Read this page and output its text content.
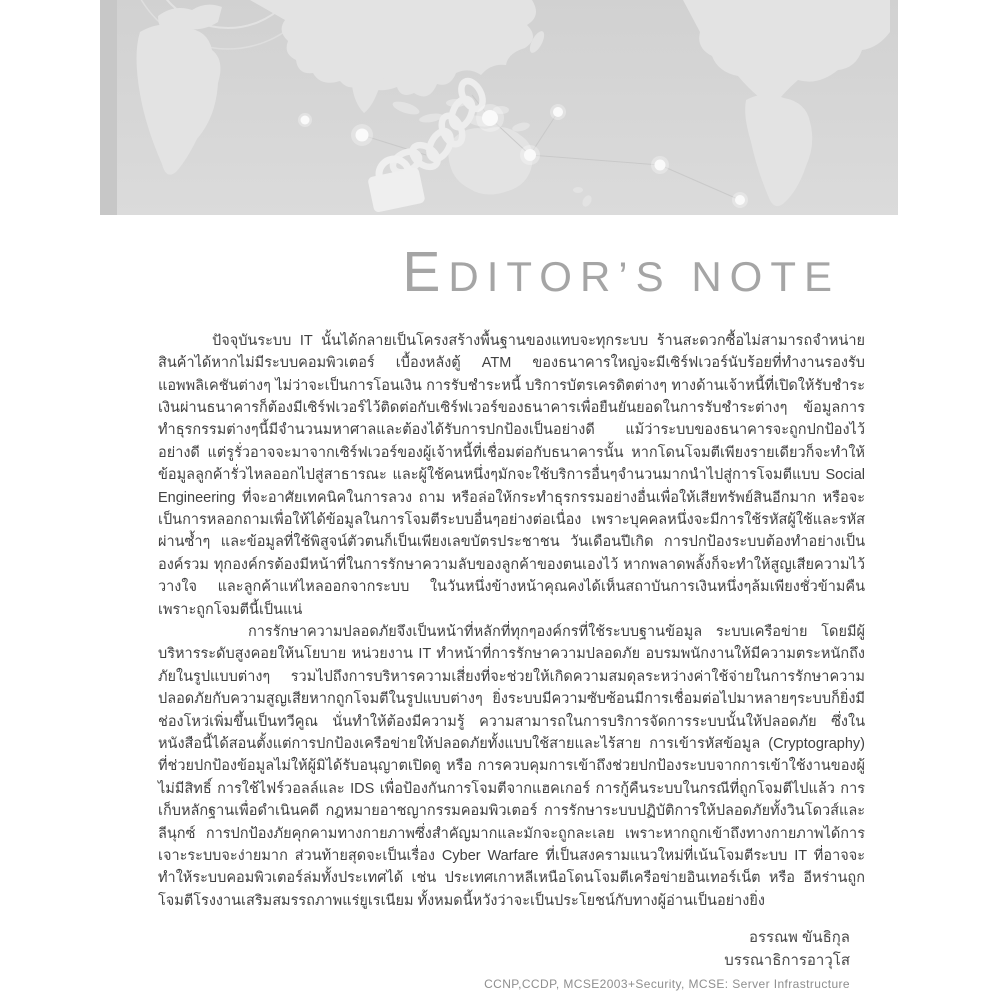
EDITOR’S NOTE

ปัจจุบันระบบ IT นั้นได้กลายเป็นโครงสร้างพื้นฐานของแทบจะทุกระบบ ร้านสะดวกซื้อไม่สามารถจำหน่ายสินค้าได้หากไม่มีระบบคอมพิวเตอร์ เบื้องหลังตู้ ATM ของธนาคารใหญ่จะมีเซิร์ฟเวอร์นับร้อยที่ทำงานรองรับแอพพลิเคชันต่างๆ ไม่ว่าจะเป็นการโอนเงิน การรับชำระหนี้ บริการบัตรเครดิตต่างๆ ทางด้านเจ้าหนี้ที่เปิดให้รับชำระเงินผ่านธนาคารก็ต้องมีเซิร์ฟเวอร์ไว้ติดต่อกับเซิร์ฟเวอร์ของธนาคารเพื่อยืนยันยอดในการรับชำระต่างๆ ข้อมูลการทำธุรกรรมต่างๆนี้มีจำนวนมหาศาลและต้องได้รับการปกป้องเป็นอย่างดี แม้ว่าระบบของธนาคารจะถูกปกป้องไว้อย่างดี แต่รูรั่วอาจจะมาจากเซิร์ฟเวอร์ของผู้เจ้าหนี้ที่เชื่อมต่อกับธนาคารนั้น หากโดนโจมตีเพียงรายเดียวก็จะทำให้ข้อมูลลูกค้ารั่วไหลออกไปสู่สาธารณะ และผู้ใช้คนหนึ่งๆมักจะใช้บริการอื่นๆจำนวนมากนำไปสู่การโจมตีแบบ Social Engineering ที่จะอาศัยเทคนิคในการลวง ถาม หรือล่อให้กระทำธุรกรรมอย่างอื่นเพื่อให้เสียทรัพย์สินอีกมาก หรือจะเป็นการหลอกถามเพื่อให้ได้ข้อมูลในการโจมตีระบบอื่นๆอย่างต่อเนื่อง เพราะบุคคลหนึ่งจะมีการใช้รหัสผู้ใช้และรหัสผ่านซ้ำๆ และข้อมูลที่ใช้พิสูจน์ตัวตนก็เป็นเพียงเลขบัตรประชาชน วันเดือนปีเกิด การปกป้องระบบต้องทำอย่างเป็นองค์รวม ทุกองค์กรต้องมีหน้าที่ในการรักษาความลับของลูกค้าของตนเองไว้ หากพลาดพลั้งก็จะทำให้สูญเสียความไว้วางใจ และลูกค้าแห่ไหลออกจากระบบ ในวันหนึ่งข้างหน้าคุณคงได้เห็นสถาบันการเงินหนึ่งๆล้มเพียงชั่วข้ามคืนเพราะถูกโจมตีนี้เป็นแน่

การรักษาความปลอดภัยจึงเป็นหน้าที่หลักที่ทุกๆองค์กรที่ใช้ระบบฐานข้อมูล ระบบเครือข่าย โดยมีผู้บริหารระดับสูงคอยให้นโยบาย หน่วยงาน IT ทำหน้าที่การรักษาความปลอดภัย อบรมพนักงานให้มีความตระหนักถึงภัยในรูปแบบต่างๆ รวมไปถึงการบริหารความเสี่ยงที่จะช่วยให้เกิดความสมดุลระหว่างค่าใช้จ่ายในการรักษาความปลอดภัยกับความสูญเสียหากถูกโจมตีในรูปแบบต่างๆ ยิ่งระบบมีความซับซ้อนมีการเชื่อมต่อไปมาหลายๆระบบก็ยิ่งมีช่องโหว่เพิ่มขึ้นเป็นทวีคูณ นั่นทำให้ต้องมีความรู้ ความสามารถในการบริการจัดการระบบนั้นให้ปลอดภัย ซึ่งในหนังสือนี้ได้สอนตั้งแต่การปกป้องเครือข่ายให้ปลอดภัยทั้งแบบใช้สายและไร้สาย การเข้ารหัสข้อมูล (Cryptography) ที่ช่วยปกป้องข้อมูลไม่ให้ผู้มิได้รับอนุญาตเปิดดู หรือ การควบคุมการเข้าถึงช่วยปกป้องระบบจากการเข้าใช้งานของผู้ไม่มีสิทธิ์ การใช้ไฟร์วอลล์และ IDS เพื่อป้องกันการโจมตีจากแฮคเกอร์ การกู้คืนระบบในกรณีที่ถูกโจมตีไปแล้ว การเก็บหลักฐานเพื่อดำเนินคดี กฎหมายอาชญากรรมคอมพิวเตอร์ การรักษาระบบปฏิบัติการให้ปลอดภัยทั้งวินโดวส์และลีนุกซ์ การปกป้องภัยคุกคามทางกายภาพซึ่งสำคัญมากและมักจะถูกละเลย เพราะหากถูกเข้าถึงทางกายภาพได้การเจาะระบบจะง่ายมาก ส่วนท้ายสุดจะเป็นเรื่อง Cyber Warfare ที่เป็นสงครามแนวใหม่ที่เน้นโจมตีระบบ IT ที่อาจจะทำให้ระบบคอมพิวเตอร์ล่มทั้งประเทศได้ เช่น ประเทศเกาหลีเหนือโดนโจมตีเครือข่ายอินเทอร์เน็ต หรือ อีหร่านถูกโจมตีโรงงานเสริมสมรรถภาพแร่ยูเรเนียม ทั้งหมดนี้หวังว่าจะเป็นประโยชน์กับทางผู้อ่านเป็นอย่างยิ่ง

อรรณพ ขันธิกุล
บรรณาธิการอาวุโส
CCNP,CCDP, MCSE2003+Security, MCSE: Server Infrastructure
